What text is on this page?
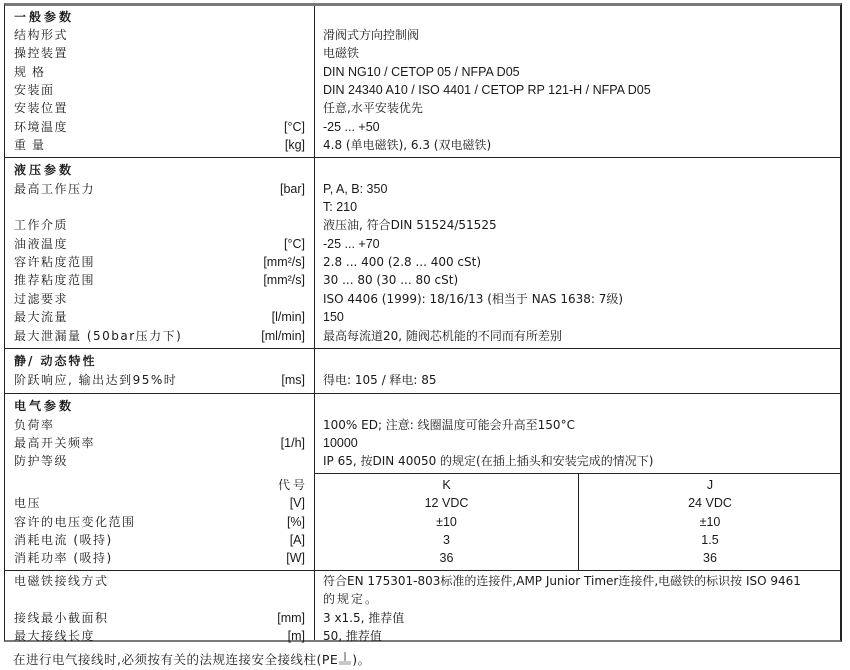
一般参数
结构形式	滑阀式方向控制阀
操控装置	电磁铁
规格	DIN NG10 / CETOP 05 / NFPA D05
安装面	DIN 24340 A10 / ISO 4401 / CETOP RP 121-H / NFPA D05
安装位置	任意,水平安装优先
环境温度	[°C] -25 ... +50
重量	[kg] 4.8 (单电磁铁), 6.3 (双电磁铁)
液压参数
最高工作压力	[bar] P, A, B: 350
T: 210
工作介质	液压油, 符合DIN 51524/51525
油液温度	[°C] -25 ... +70
容许粘度范围	[mm²/s] 2.8 ... 400 (2.8 ... 400 cSt)
推荐粘度范围	[mm²/s] 30 ... 80 (30 ... 80 cSt)
过滤要求	ISO 4406 (1999): 18/16/13 (相当于 NAS 1638: 7级)
最大流量	[l/min] 150
最大泄漏量 (50bar压力下)	[ml/min] 最高每流道20, 随阀芯机能的不同而有所差别
静/ 动态特性
阶跃响应, 输出达到95%时	[ms] 得电: 105 / 释电: 85
电气参数
负荷率	100% ED; 注意: 线圈温度可能会升高至150°C
最高开关频率	[1/h] 10000
防护等级	IP 65, 按DIN 40050 的规定(在插上插头和安装完成的情况下)
代号	K	J
电压	[V]	12 VDC	24 VDC
容许的电压变化范围	[%]	±10	±10
消耗电流 (吸持)	[A]	3	1.5
消耗功率 (吸持)	[W]	36	36
电磁铁接线方式	符合EN 175301-803标准的连接件,AMP Junior Timer连接件,电磁铁的标识按 ISO 9461
的规定。
接线最小截面积	[mm] 3 x1.5, 推荐值
最大接线长度	[m] 50, 推荐值
在进行电气接线时,必须按有关的法规连接安全接线柱(PE )。
